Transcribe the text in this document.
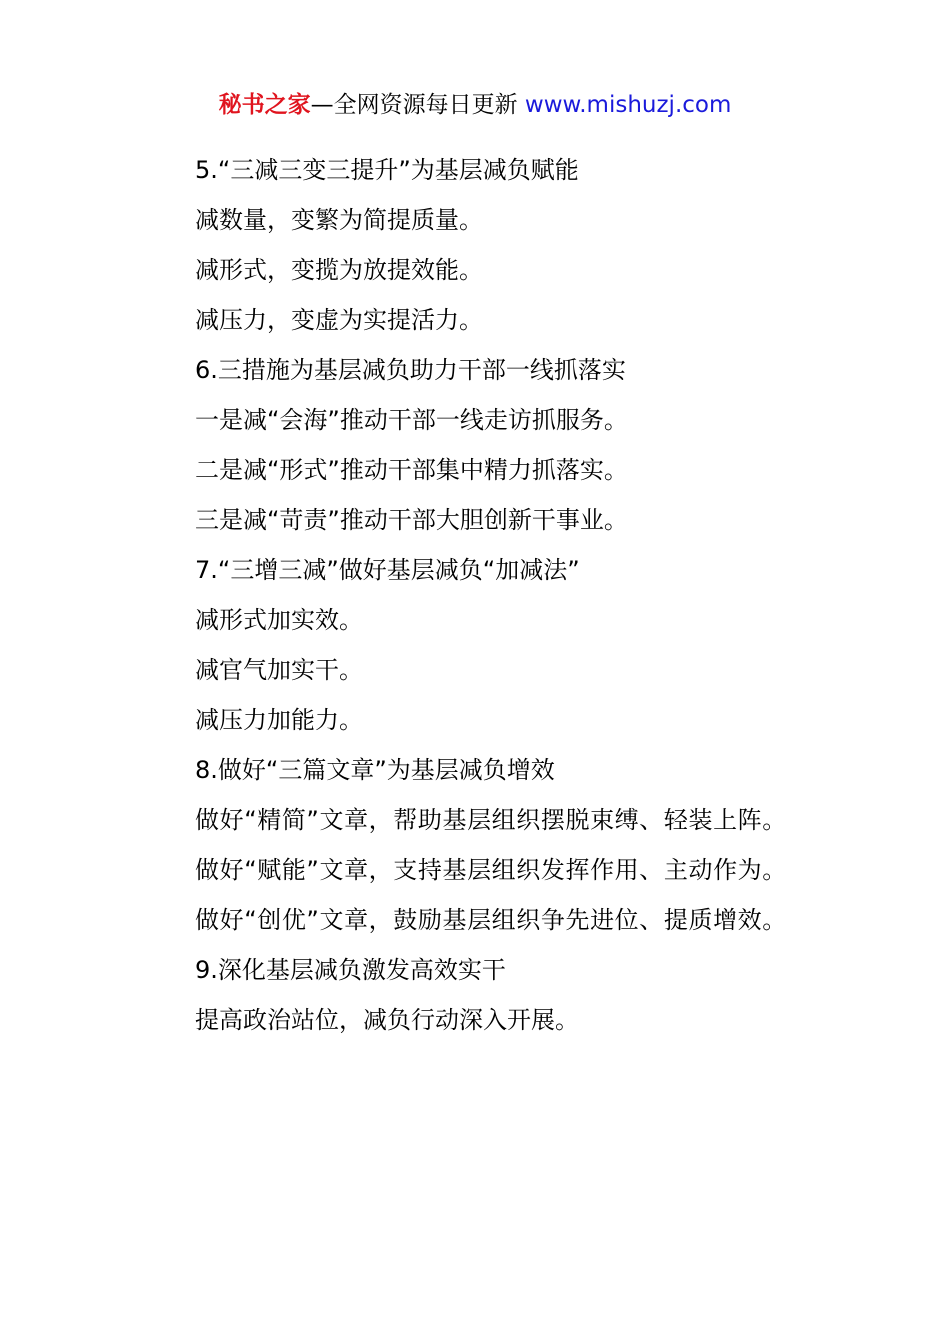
秘书之家—全网资源每日更新 www.mishuzj.com

5.“三减三变三提升”为基层减负赋能

减数量，变繁为简提质量。

减形式，变揽为放提效能。

减压力，变虚为实提活力。

6.三措施为基层减负助力干部一线抓落实

一是减“会海”推动干部一线走访抓服务。

二是减“形式”推动干部集中精力抓落实。

三是减“苛责”推动干部大胆创新干事业。

7.“三增三减”做好基层减负“加减法”

减形式加实效。

减官气加实干。

减压力加能力。

8.做好“三篇文章”为基层减负增效

做好“精简”文章，帮助基层组织摆脱束缚、轻装上阵。

做好“赋能”文章，支持基层组织发挥作用、主动作为。

做好“创优”文章，鼓励基层组织争先进位、提质增效。

9.深化基层减负激发高效实干

提高政治站位，减负行动深入开展。
